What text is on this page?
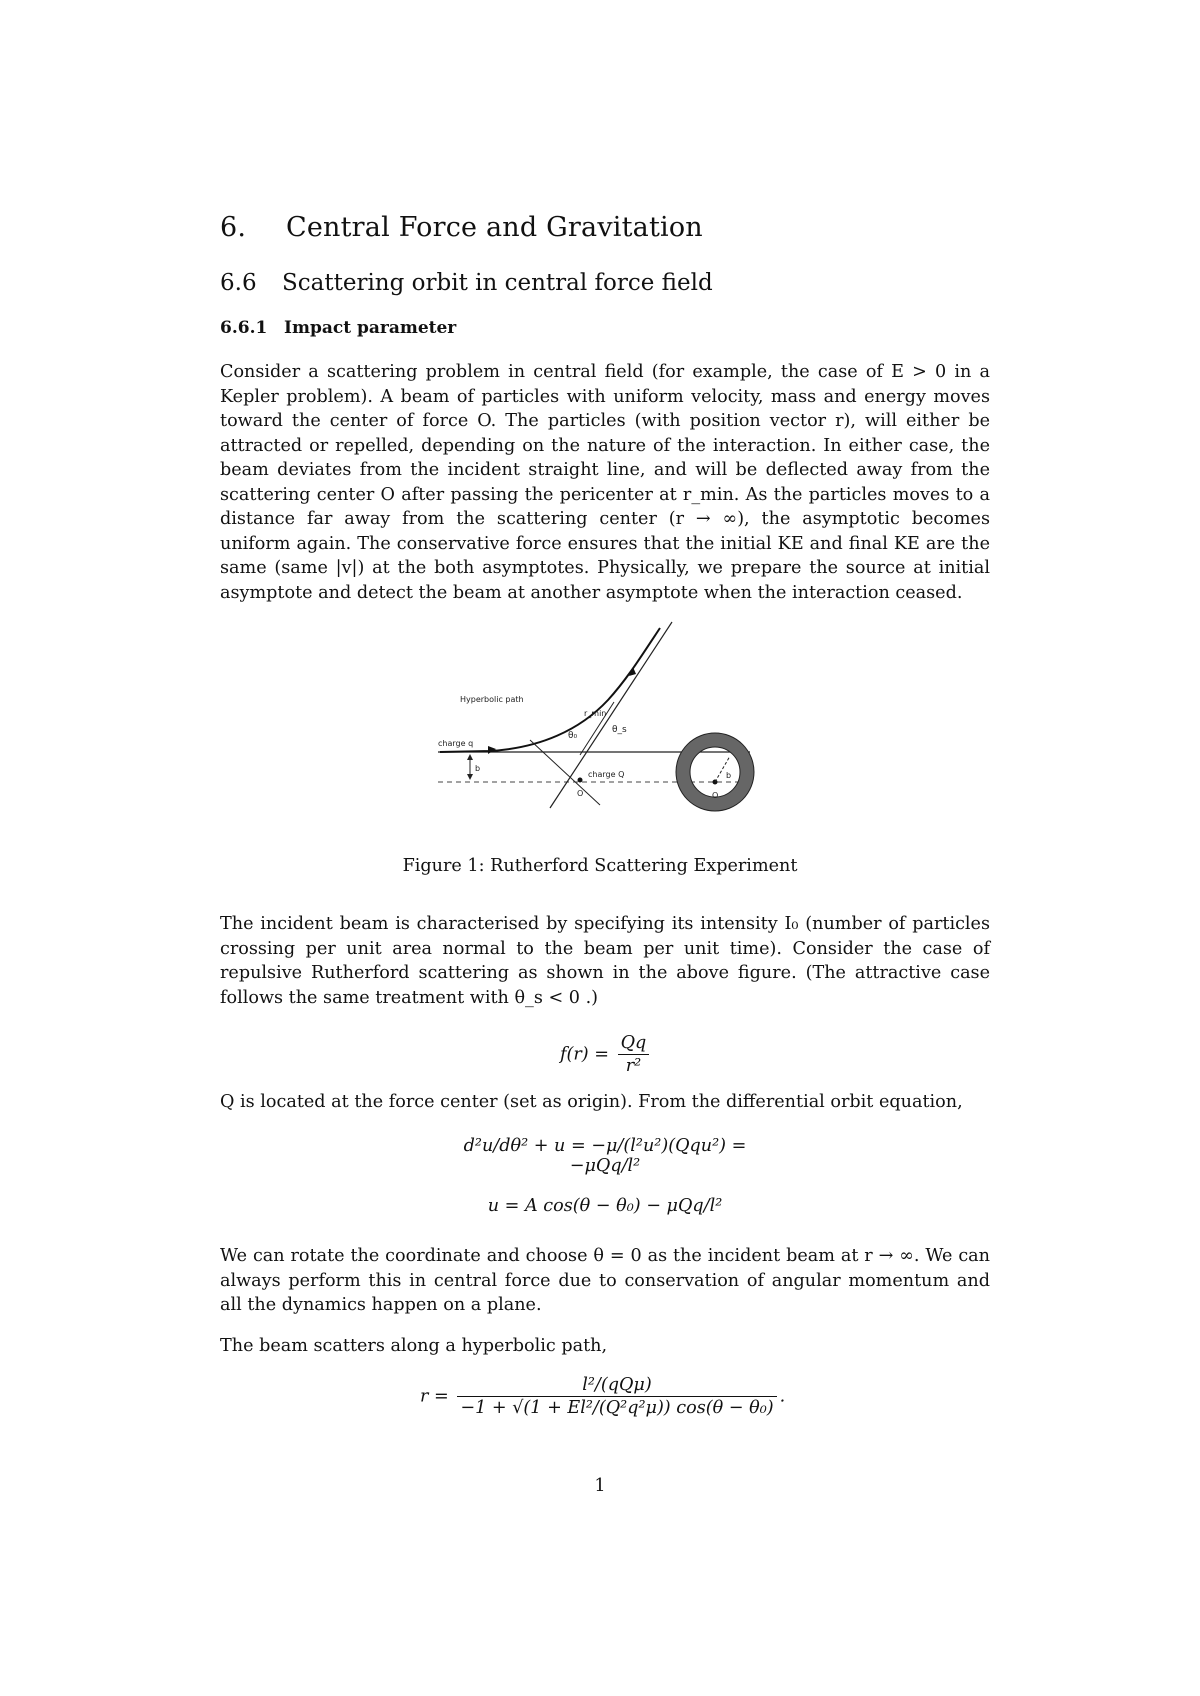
6. Central Force and Gravitation
6.6 Scattering orbit in central force field
6.6.1 Impact parameter

Consider a scattering problem in central field (for example, the case of E > 0 in a Kepler problem). A beam of particles with uniform velocity, mass and energy moves toward the center of force O. The particles (with position vector r), will either be attracted or repelled, depending on the nature of the interaction. In either case, the beam deviates from the incident straight line, and will be deflected away from the scattering center O after passing the pericenter at r_min. As the particles moves to a distance far away from the scattering center (r → ∞), the asymptotic becomes uniform again. The conservative force ensures that the initial KE and final KE are the same (same |v|) at the both asymptotes. Physically, we prepare the source at initial asymptote and detect the beam at another asymptote when the interaction ceased.

Hyperbolic path
charge q
b
r_min
θ₀
θ_s
charge Q
O	O
b
Figure 1: Rutherford Scattering Experiment

The incident beam is characterised by specifying its intensity I₀ (number of particles crossing per unit area normal to the beam per unit time). Consider the case of repulsive Rutherford scattering as shown in the above figure. (The attractive case follows the same treatment with θ_s < 0 .)

$f(r) = \frac{Qq}{\text{r²}}$

Q is located at the force center (set as origin). From the differential orbit equation,

d²u/dθ² + u = −μ/(l²u²)(Qqu²) = −μQq/l²
u = A cos(θ − θ₀) − μQq/l²

We can rotate the coordinate and choose θ = 0 as the incident beam at r → ∞. We can always perform this in central force due to conservation of angular momentum and all the dynamics happen on a plane.

The beam scatters along a hyperbolic path,

$r = \frac{\text{l²/(qQμ)}}{\text{−1 + √(1 + El²/(Q²q²μ)) cos(θ − θ₀)}}$ .
1
